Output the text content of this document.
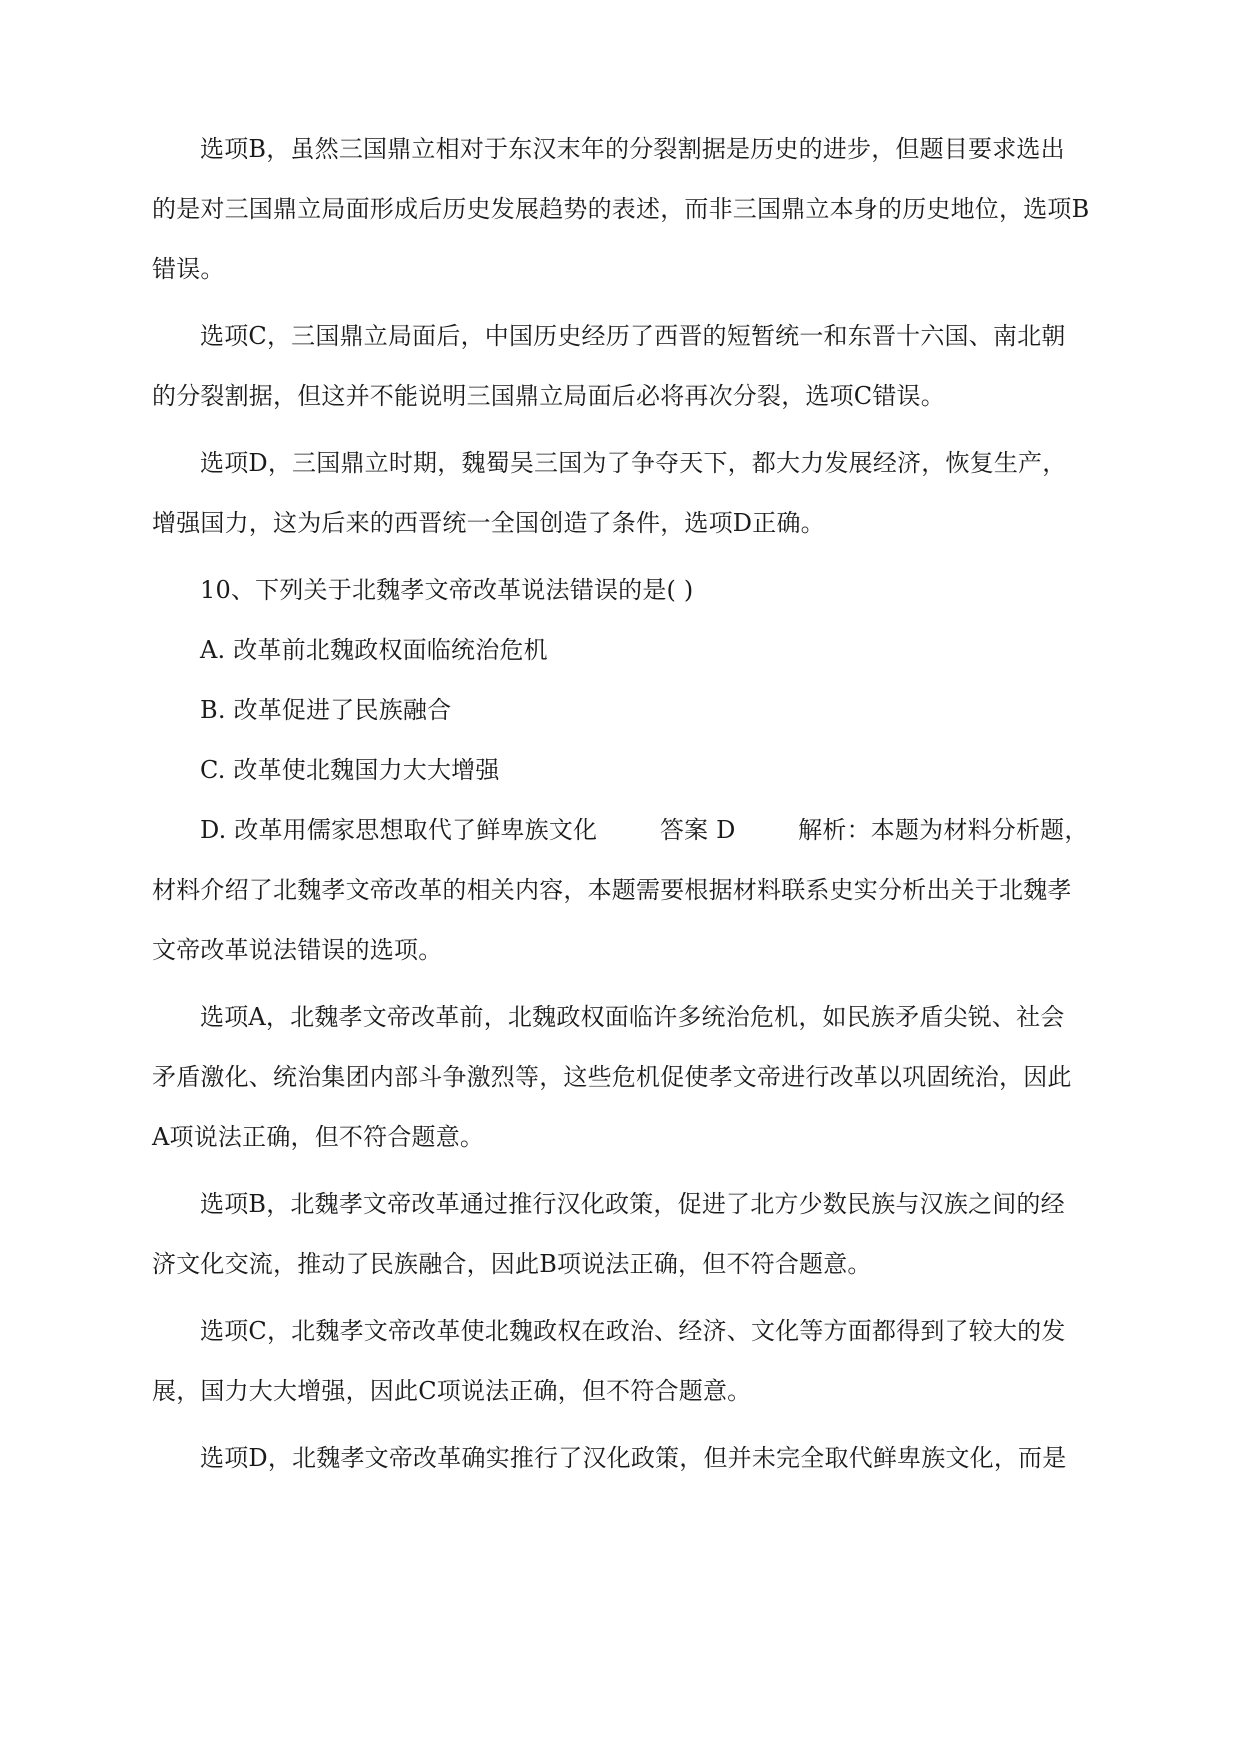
选项B，虽然三国鼎立相对于东汉末年的分裂割据是历史的进步，但题目要求选出
的是对三国鼎立局面形成后历史发展趋势的表述，而非三国鼎立本身的历史地位，选项B
错误。
选项C，三国鼎立局面后，中国历史经历了西晋的短暂统一和东晋十六国、南北朝
的分裂割据，但这并不能说明三国鼎立局面后必将再次分裂，选项C错误。
选项D，三国鼎立时期，魏蜀吴三国为了争夺天下，都大力发展经济，恢复生产，
增强国力，这为后来的西晋统一全国创造了条件，选项D正确。
10、下列关于北魏孝文帝改革说法错误的是( )
A. 改革前北魏政权面临统治危机
B. 改革促进了民族融合
C. 改革使北魏国力大大增强
D. 改革用儒家思想取代了鲜卑族文化        答案 D        解析：本题为材料分析题，
材料介绍了北魏孝文帝改革的相关内容，本题需要根据材料联系史实分析出关于北魏孝
文帝改革说法错误的选项。
选项A，北魏孝文帝改革前，北魏政权面临许多统治危机，如民族矛盾尖锐、社会
矛盾激化、统治集团内部斗争激烈等，这些危机促使孝文帝进行改革以巩固统治，因此
A项说法正确，但不符合题意。
选项B，北魏孝文帝改革通过推行汉化政策，促进了北方少数民族与汉族之间的经
济文化交流，推动了民族融合，因此B项说法正确，但不符合题意。
选项C，北魏孝文帝改革使北魏政权在政治、经济、文化等方面都得到了较大的发
展，国力大大增强，因此C项说法正确，但不符合题意。
选项D，北魏孝文帝改革确实推行了汉化政策，但并未完全取代鲜卑族文化，而是
